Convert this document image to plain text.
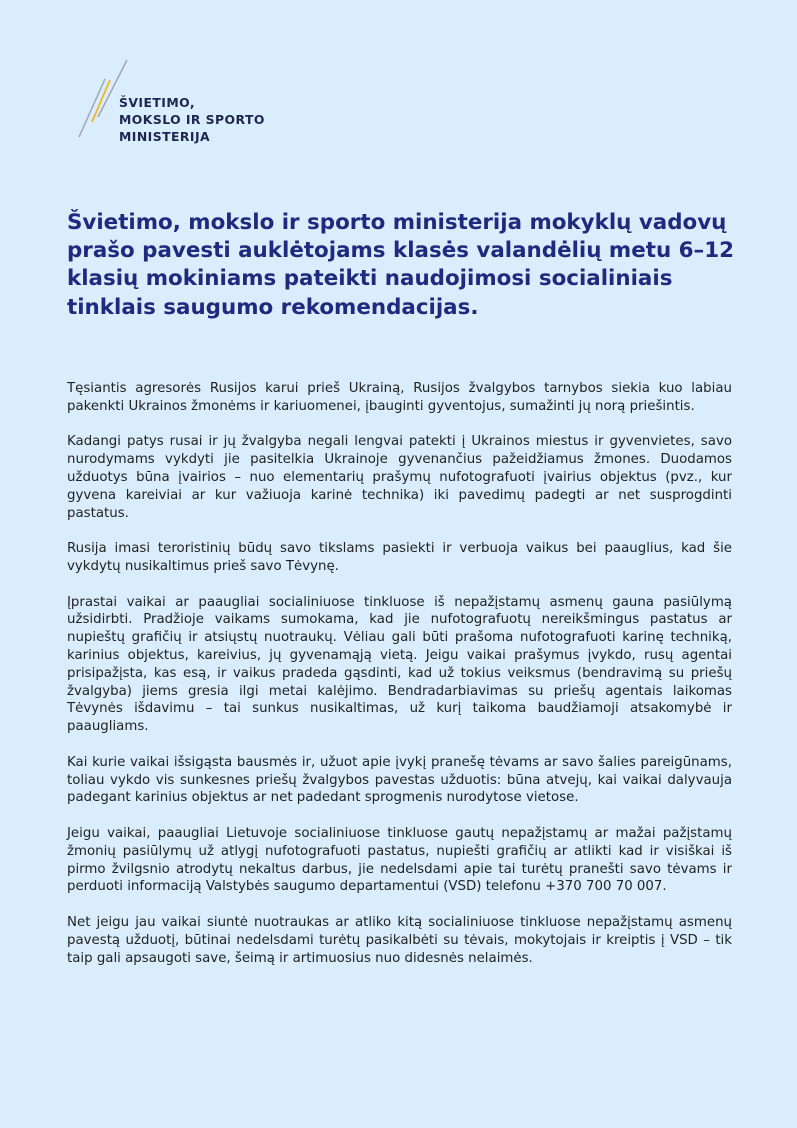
ŠVIETIMO,
MOKSLO IR SPORTO
MINISTERIJA
Švietimo, mokslo ir sporto ministerija mokyklų vadovų prašo pavesti auklėtojams klasės valandėlių metu 6–12 klasių mokiniams pateikti naudojimosi socialiniais tinklais saugumo rekomendacijas.

Tęsiantis agresorės Rusijos karui prieš Ukrainą, Rusijos žvalgybos tarnybos siekia kuo labiau pakenkti Ukrainos žmonėms ir kariuomenei, įbauginti gyventojus, sumažinti jų norą priešintis.

Kadangi patys rusai ir jų žvalgyba negali lengvai patekti į Ukrainos miestus ir gyvenvietes, savo nurodymams vykdyti jie pasitelkia Ukrainoje gyvenančius pažeidžiamus žmones. Duodamos užduotys būna įvairios – nuo elementarių prašymų nufotografuoti įvairius objektus (pvz., kur gyvena kareiviai ar kur važiuoja karinė technika) iki pavedimų padegti ar net susprogdinti pastatus.

Rusija imasi teroristinių būdų savo tikslams pasiekti ir verbuoja vaikus bei paauglius, kad šie vykdytų nusikaltimus prieš savo Tėvynę.

Įprastai vaikai ar paaugliai socialiniuose tinkluose iš nepažįstamų asmenų gauna pasiūlymą užsidirbti. Pradžioje vaikams sumokama, kad jie nufotografuotų nereikšmingus pastatus ar nupieštų grafičių ir atsiųstų nuotraukų. Vėliau gali būti prašoma nufotografuoti karinę techniką, karinius objektus, kareivius, jų gyvenamąją vietą. Jeigu vaikai prašymus įvykdo, rusų agentai prisipažįsta, kas esą, ir vaikus pradeda gąsdinti, kad už tokius veiksmus (bendravimą su priešų žvalgyba) jiems gresia ilgi metai kalėjimo. Bendradarbiavimas su priešų agentais laikomas Tėvynės išdavimu – tai sunkus nusikaltimas, už kurį taikoma baudžiamoji atsakomybė ir paaugliams.

Kai kurie vaikai išsigąsta bausmės ir, užuot apie įvykį pranešę tėvams ar savo šalies pareigūnams, toliau vykdo vis sunkesnes priešų žvalgybos pavestas užduotis: būna atvejų, kai vaikai dalyvauja padegant karinius objektus ar net padedant sprogmenis nurodytose vietose.

Jeigu vaikai, paaugliai Lietuvoje socialiniuose tinkluose gautų nepažįstamų ar mažai pažįstamų žmonių pasiūlymų už atlygį nufotografuoti pastatus, nupiešti grafičių ar atlikti kad ir visiškai iš pirmo žvilgsnio atrodytų nekaltus darbus, jie nedelsdami apie tai turėtų pranešti savo tėvams ir perduoti informaciją Valstybės saugumo departamentui (VSD) telefonu +370 700 70 007.

Net jeigu jau vaikai siuntė nuotraukas ar atliko kitą socialiniuose tinkluose nepažįstamų asmenų pavestą užduotį, būtinai nedelsdami turėtų pasikalbėti su tėvais, mokytojais ir kreiptis į VSD – tik taip gali apsaugoti save, šeimą ir artimuosius nuo didesnės nelaimės.
